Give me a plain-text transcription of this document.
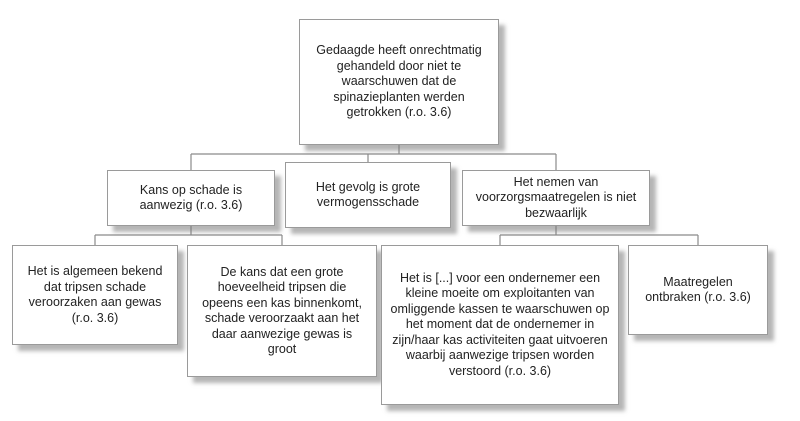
Gedaagde heeft onrechtmatig gehandeld door niet te waarschuwen dat de spinazieplanten werden getrokken (r.o. 3.6)
Kans op schade is aanwezig (r.o. 3.6)
Het gevolg is grote vermogensschade
Het nemen van voorzorgsmaatregelen is niet bezwaarlijk
Het is algemeen bekend dat tripsen schade veroorzaken aan gewas (r.o. 3.6)
De kans dat een grote hoeveelheid tripsen die opeens een kas binnenkomt, schade veroorzaakt aan het daar aanwezige gewas is groot
Het is [...] voor een ondernemer een kleine moeite om exploitanten van omliggende kassen te waarschuwen op het moment dat de ondernemer in zijn/haar kas activiteiten gaat uitvoeren waarbij aanwezige tripsen worden verstoord (r.o. 3.6)
Maatregelen ontbraken (r.o. 3.6)
